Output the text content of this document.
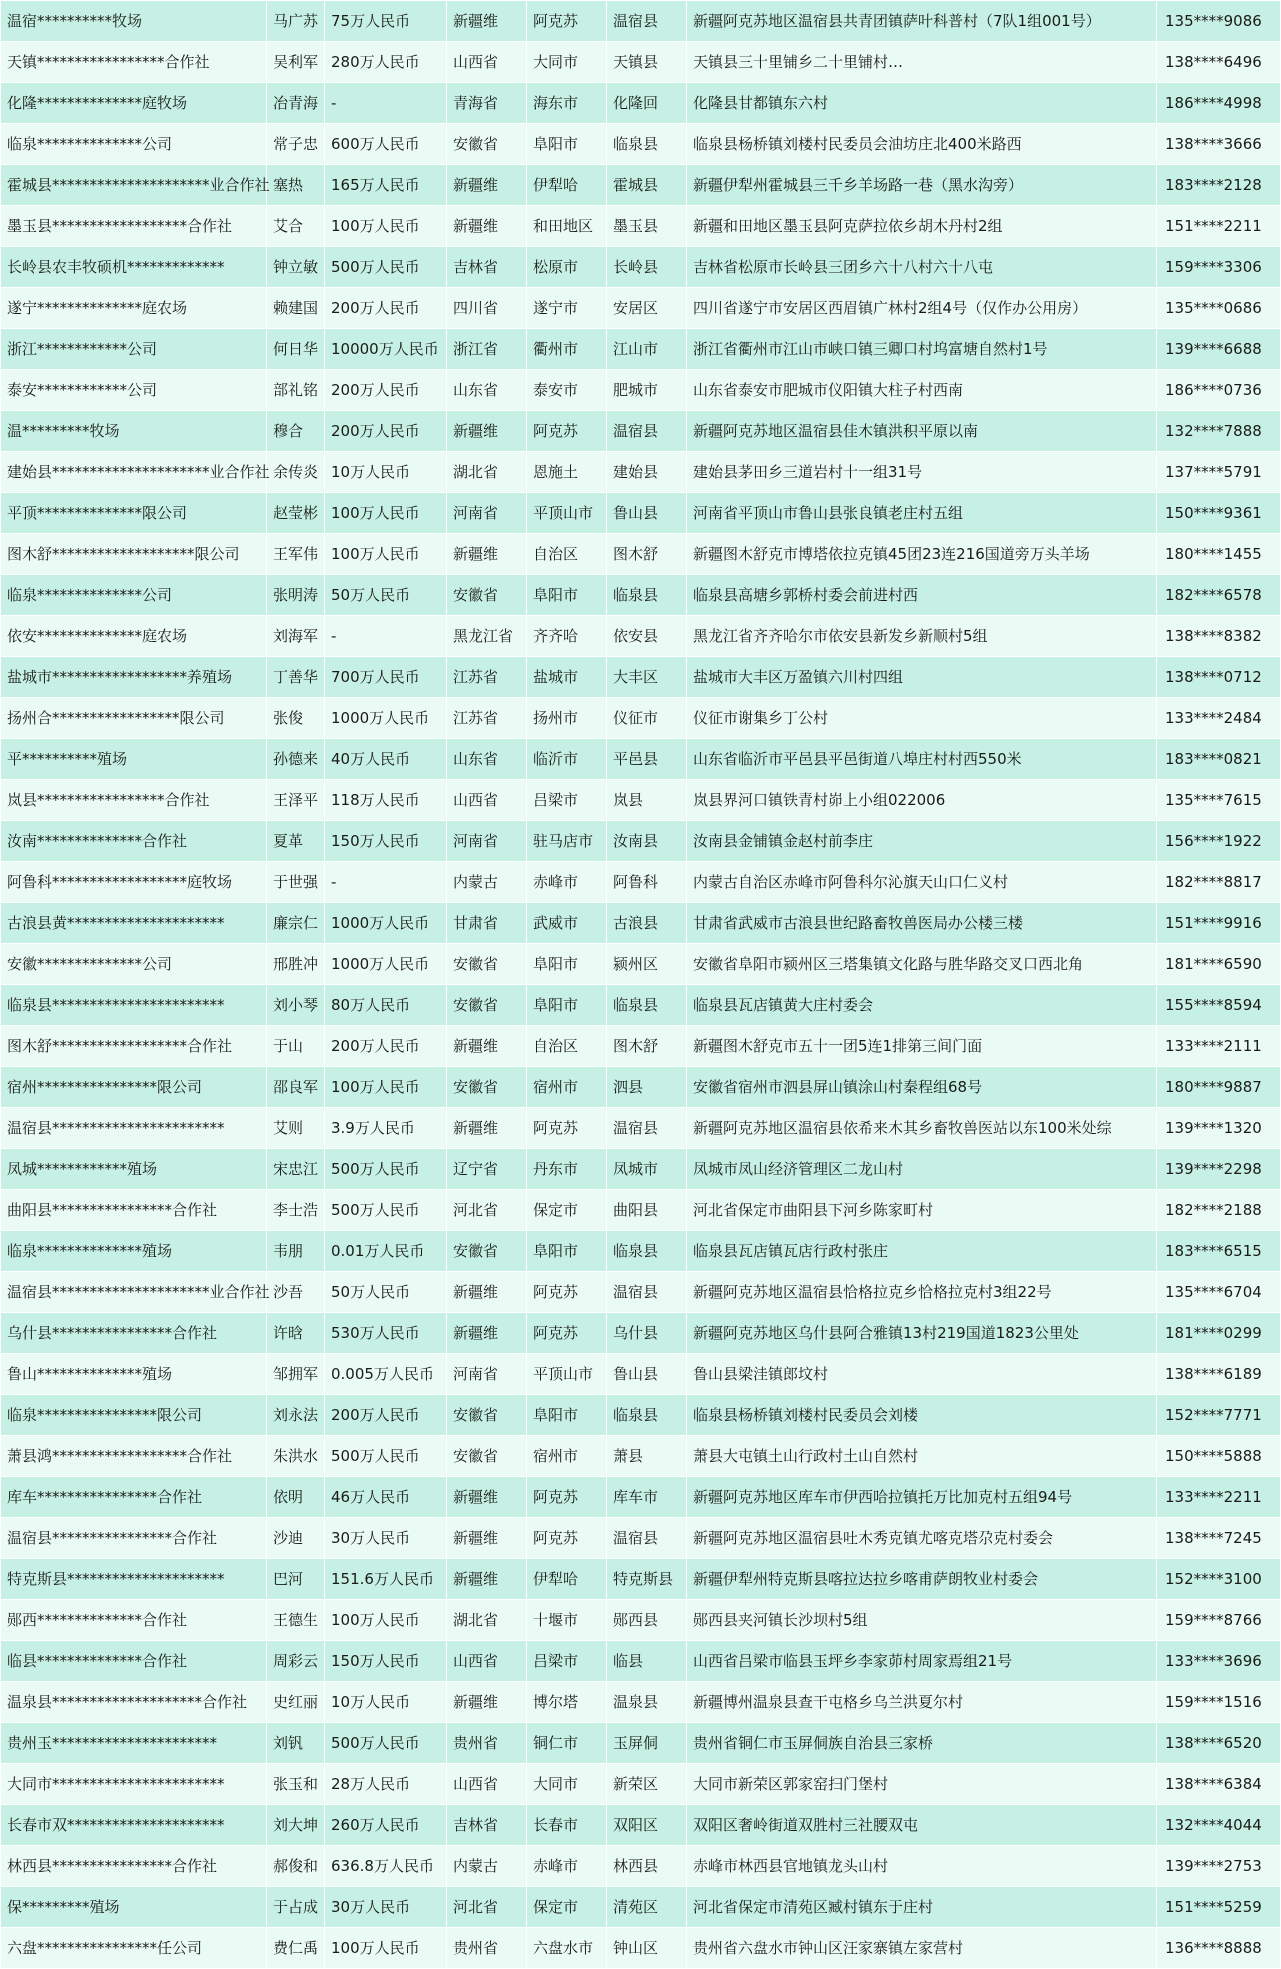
温宿**********牧场	马广苏	75万人民币	新疆维	阿克苏	温宿县	新疆阿克苏地区温宿县共青团镇萨叶科普村（7队1组001号）	135****9086
天镇*****************合作社	吴利军	280万人民币	山西省	大同市	天镇县	天镇县三十里铺乡二十里铺村…	138****6496
化隆**************庭牧场	冶青海	-	青海省	海东市	化隆回	化隆县甘都镇东六村	186****4998
临泉**************公司	常子忠	600万人民币	安徽省	阜阳市	临泉县	临泉县杨桥镇刘楼村民委员会油坊庄北400米路西	138****3666
霍城县*********************业合作社	塞热	165万人民币	新疆维	伊犁哈	霍城县	新疆伊犁州霍城县三千乡羊场路一巷（黑水沟旁）	183****2128
墨玉县******************合作社	艾合	100万人民币	新疆维	和田地区	墨玉县	新疆和田地区墨玉县阿克萨拉依乡胡木丹村2组	151****2211
长岭县农丰牧硕机*************	钟立敏	500万人民币	吉林省	松原市	长岭县	吉林省松原市长岭县三团乡六十八村六十八屯	159****3306
遂宁**************庭农场	赖建国	200万人民币	四川省	遂宁市	安居区	四川省遂宁市安居区西眉镇广林村2组4号（仅作办公用房）	135****0686
浙江************公司	何日华	10000万人民币	浙江省	衢州市	江山市	浙江省衢州市江山市峡口镇三卿口村坞富塘自然村1号	139****6688
泰安************公司	部礼铭	200万人民币	山东省	泰安市	肥城市	山东省泰安市肥城市仪阳镇大柱子村西南	186****0736
温*********牧场	穆合	200万人民币	新疆维	阿克苏	温宿县	新疆阿克苏地区温宿县佳木镇洪积平原以南	132****7888
建始县*********************业合作社	余传炎	10万人民币	湖北省	恩施土	建始县	建始县茅田乡三道岩村十一组31号	137****5791
平顶**************限公司	赵莹彬	100万人民币	河南省	平顶山市	鲁山县	河南省平顶山市鲁山县张良镇老庄村五组	150****9361
图木舒*******************限公司	王军伟	100万人民币	新疆维	自治区	图木舒	新疆图木舒克市博塔依拉克镇45团23连216国道旁万头羊场	180****1455
临泉**************公司	张明涛	50万人民币	安徽省	阜阳市	临泉县	临泉县高塘乡郭桥村委会前进村西	182****6578
依安**************庭农场	刘海军	-	黑龙江省	齐齐哈	依安县	黑龙江省齐齐哈尔市依安县新发乡新顺村5组	138****8382
盐城市******************养殖场	丁善华	700万人民币	江苏省	盐城市	大丰区	盐城市大丰区万盈镇六川村四组	138****0712
扬州合*****************限公司	张俊	1000万人民币	江苏省	扬州市	仪征市	仪征市谢集乡丁公村	133****2484
平**********殖场	孙德来	40万人民币	山东省	临沂市	平邑县	山东省临沂市平邑县平邑街道八埠庄村村西550米	183****0821
岚县*****************合作社	王泽平	118万人民币	山西省	吕梁市	岚县	岚县界河口镇铁青村峁上小组022006	135****7615
汝南**************合作社	夏革	150万人民币	河南省	驻马店市	汝南县	汝南县金铺镇金赵村前李庄	156****1922
阿鲁科******************庭牧场	于世强	-	内蒙古	赤峰市	阿鲁科	内蒙古自治区赤峰市阿鲁科尔沁旗天山口仁义村	182****8817
古浪县黄*********************	廉宗仁	1000万人民币	甘肃省	武威市	古浪县	甘肃省武威市古浪县世纪路畜牧兽医局办公楼三楼	151****9916
安徽**************公司	邢胜冲	1000万人民币	安徽省	阜阳市	颍州区	安徽省阜阳市颍州区三塔集镇文化路与胜华路交叉口西北角	181****6590
临泉县***********************	刘小琴	80万人民币	安徽省	阜阳市	临泉县	临泉县瓦店镇黄大庄村委会	155****8594
图木舒******************合作社	于山	200万人民币	新疆维	自治区	图木舒	新疆图木舒克市五十一团5连1排第三间门面	133****2111
宿州****************限公司	邵良军	100万人民币	安徽省	宿州市	泗县	安徽省宿州市泗县屏山镇涂山村秦程组68号	180****9887
温宿县***********************	艾则	3.9万人民币	新疆维	阿克苏	温宿县	新疆阿克苏地区温宿县依希来木其乡畜牧兽医站以东100米处综	139****1320
凤城************殖场	宋忠江	500万人民币	辽宁省	丹东市	凤城市	凤城市凤山经济管理区二龙山村	139****2298
曲阳县****************合作社	李士浩	500万人民币	河北省	保定市	曲阳县	河北省保定市曲阳县下河乡陈家町村	182****2188
临泉**************殖场	韦朋	0.01万人民币	安徽省	阜阳市	临泉县	临泉县瓦店镇瓦店行政村张庄	183****6515
温宿县*********************业合作社	沙吾	50万人民币	新疆维	阿克苏	温宿县	新疆阿克苏地区温宿县恰格拉克乡恰格拉克村3组22号	135****6704
乌什县****************合作社	许晗	530万人民币	新疆维	阿克苏	乌什县	新疆阿克苏地区乌什县阿合雅镇13村219国道1823公里处	181****0299
鲁山**************殖场	邹拥军	0.005万人民币	河南省	平顶山市	鲁山县	鲁山县梁洼镇郎坟村	138****6189
临泉****************限公司	刘永法	200万人民币	安徽省	阜阳市	临泉县	临泉县杨桥镇刘楼村民委员会刘楼	152****7771
萧县鸿******************合作社	朱洪水	500万人民币	安徽省	宿州市	萧县	萧县大屯镇土山行政村土山自然村	150****5888
库车****************合作社	依明	46万人民币	新疆维	阿克苏	库车市	新疆阿克苏地区库车市伊西哈拉镇托万比加克村五组94号	133****2211
温宿县****************合作社	沙迪	30万人民币	新疆维	阿克苏	温宿县	新疆阿克苏地区温宿县吐木秀克镇尤喀克塔尕克村委会	138****7245
特克斯县*********************	巴河	151.6万人民币	新疆维	伊犁哈	特克斯县	新疆伊犁州特克斯县喀拉达拉乡喀甫萨朗牧业村委会	152****3100
郧西**************合作社	王德生	100万人民币	湖北省	十堰市	郧西县	郧西县夹河镇长沙坝村5组	159****8766
临县**************合作社	周彩云	150万人民币	山西省	吕梁市	临县	山西省吕梁市临县玉坪乡李家茆村周家焉组21号	133****3696
温泉县********************合作社	史红丽	10万人民币	新疆维	博尔塔	温泉县	新疆博州温泉县查干屯格乡乌兰洪夏尔村	159****1516
贵州玉**********************	刘钒	500万人民币	贵州省	铜仁市	玉屏侗	贵州省铜仁市玉屏侗族自治县三家桥	138****6520
大同市***********************	张玉和	28万人民币	山西省	大同市	新荣区	大同市新荣区郭家窑扫门堡村	138****6384
长春市双*********************	刘大坤	260万人民币	吉林省	长春市	双阳区	双阳区奢岭街道双胜村三社腰双屯	132****4044
林西县****************合作社	郝俊和	636.8万人民币	内蒙古	赤峰市	林西县	赤峰市林西县官地镇龙头山村	139****2753
保*********殖场	于占成	30万人民币	河北省	保定市	清苑区	河北省保定市清苑区臧村镇东于庄村	151****5259
六盘****************任公司	费仁禹	100万人民币	贵州省	六盘水市	钟山区	贵州省六盘水市钟山区汪家寨镇左家营村	136****8888
